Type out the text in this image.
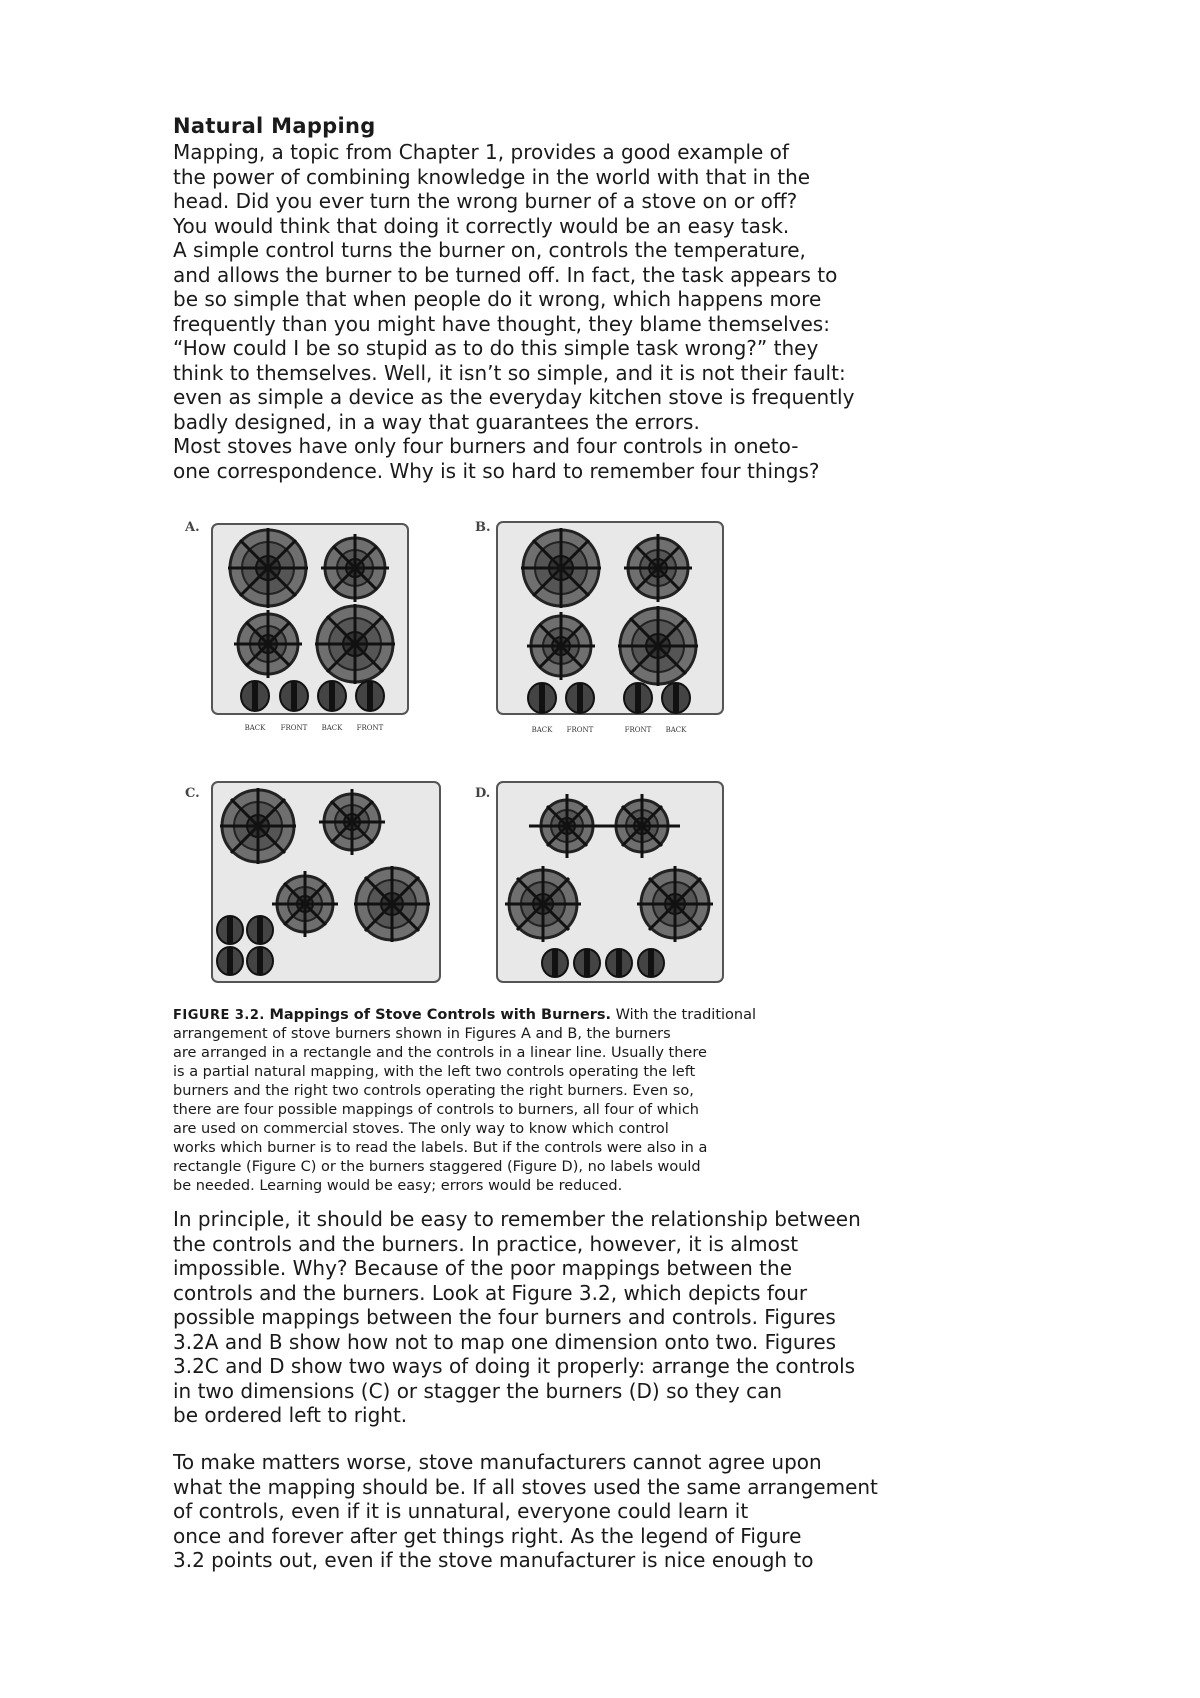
Natural Mapping
Mapping, a topic from Chapter 1, provides a good example of
the power of combining knowledge in the world with that in the
head. Did you ever turn the wrong burner of a stove on or off?
You would think that doing it correctly would be an easy task.
A simple control turns the burner on, controls the temperature,
and allows the burner to be turned off. In fact, the task appears to
be so simple that when people do it wrong, which happens more
frequently than you might have thought, they blame themselves:
“How could I be so stupid as to do this simple task wrong?” they
think to themselves. Well, it isn’t so simple, and it is not their fault:
even as simple a device as the everyday kitchen stove is frequently
badly designed, in a way that guarantees the errors.
Most stoves have only four burners and four controls in oneto-
one correspondence. Why is it so hard to remember four things?
A.
BACK FRONT BACK FRONT
B.
BACK FRONT	FRONT BACK
C.	D.
FIGURE 3.2. Mappings of Stove Controls with Burners. With the traditional
arrangement of stove burners shown in Figures A and B, the burners
are arranged in a rectangle and the controls in a linear line. Usually there
is a partial natural mapping, with the left two controls operating the left
burners and the right two controls operating the right burners. Even so,
there are four possible mappings of controls to burners, all four of which
are used on commercial stoves. The only way to know which control
works which burner is to read the labels. But if the controls were also in a
rectangle (Figure C) or the burners staggered (Figure D), no labels would
be needed. Learning would be easy; errors would be reduced.
In principle, it should be easy to remember the relationship between
the controls and the burners. In practice, however, it is almost
impossible. Why? Because of the poor mappings between the
controls and the burners. Look at Figure 3.2, which depicts four
possible mappings between the four burners and controls. Figures
3.2A and B show how not to map one dimension onto two. Figures
3.2C and D show two ways of doing it properly: arrange the controls
in two dimensions (C) or stagger the burners (D) so they can
be ordered left to right.
To make matters worse, stove manufacturers cannot agree upon
what the mapping should be. If all stoves used the same arrangement
of controls, even if it is unnatural, everyone could learn it
once and forever after get things right. As the legend of Figure
3.2 points out, even if the stove manufacturer is nice enough to
